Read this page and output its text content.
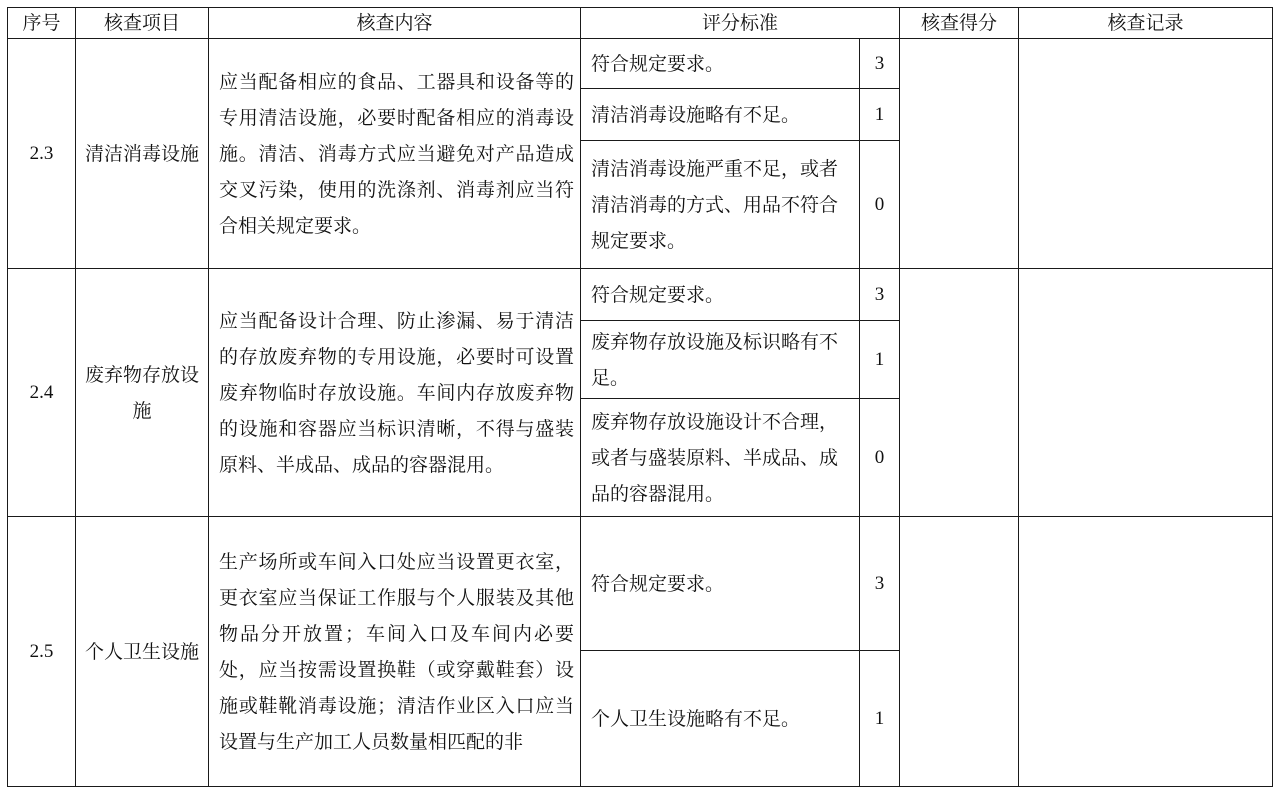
序号	核查项目	核查内容	评分标准		核查得分	核查记录
2.3	清洁消毒设施	应当配备相应的食品、工器具和设备等的专用清洁设施，必要时配备相应的消毒设施。清洁、消毒方式应当避免对产品造成交叉污染，使用的洗涤剂、消毒剂应当符合相关规定要求。	符合规定要求。	3		
			清洁消毒设施略有不足。	1		
			清洁消毒设施严重不足，或者清洁消毒的方式、用品不符合规定要求。	0		
2.4	废弃物存放设施	应当配备设计合理、防止渗漏、易于清洁的存放废弃物的专用设施，必要时可设置废弃物临时存放设施。车间内存放废弃物的设施和容器应当标识清晰，不得与盛装原料、半成品、成品的容器混用。	符合规定要求。	3		
			废弃物存放设施及标识略有不足。	1		
			废弃物存放设施设计不合理，或者与盛装原料、半成品、成品的容器混用。	0		
2.5	个人卫生设施	生产场所或车间入口处应当设置更衣室，更衣室应当保证工作服与个人服装及其他物品分开放置；车间入口及车间内必要处，应当按需设置换鞋（或穿戴鞋套）设施或鞋靴消毒设施；清洁作业区入口应当设置与生产加工人员数量相匹配的非	符合规定要求。	3		
			个人卫生设施略有不足。	1		
